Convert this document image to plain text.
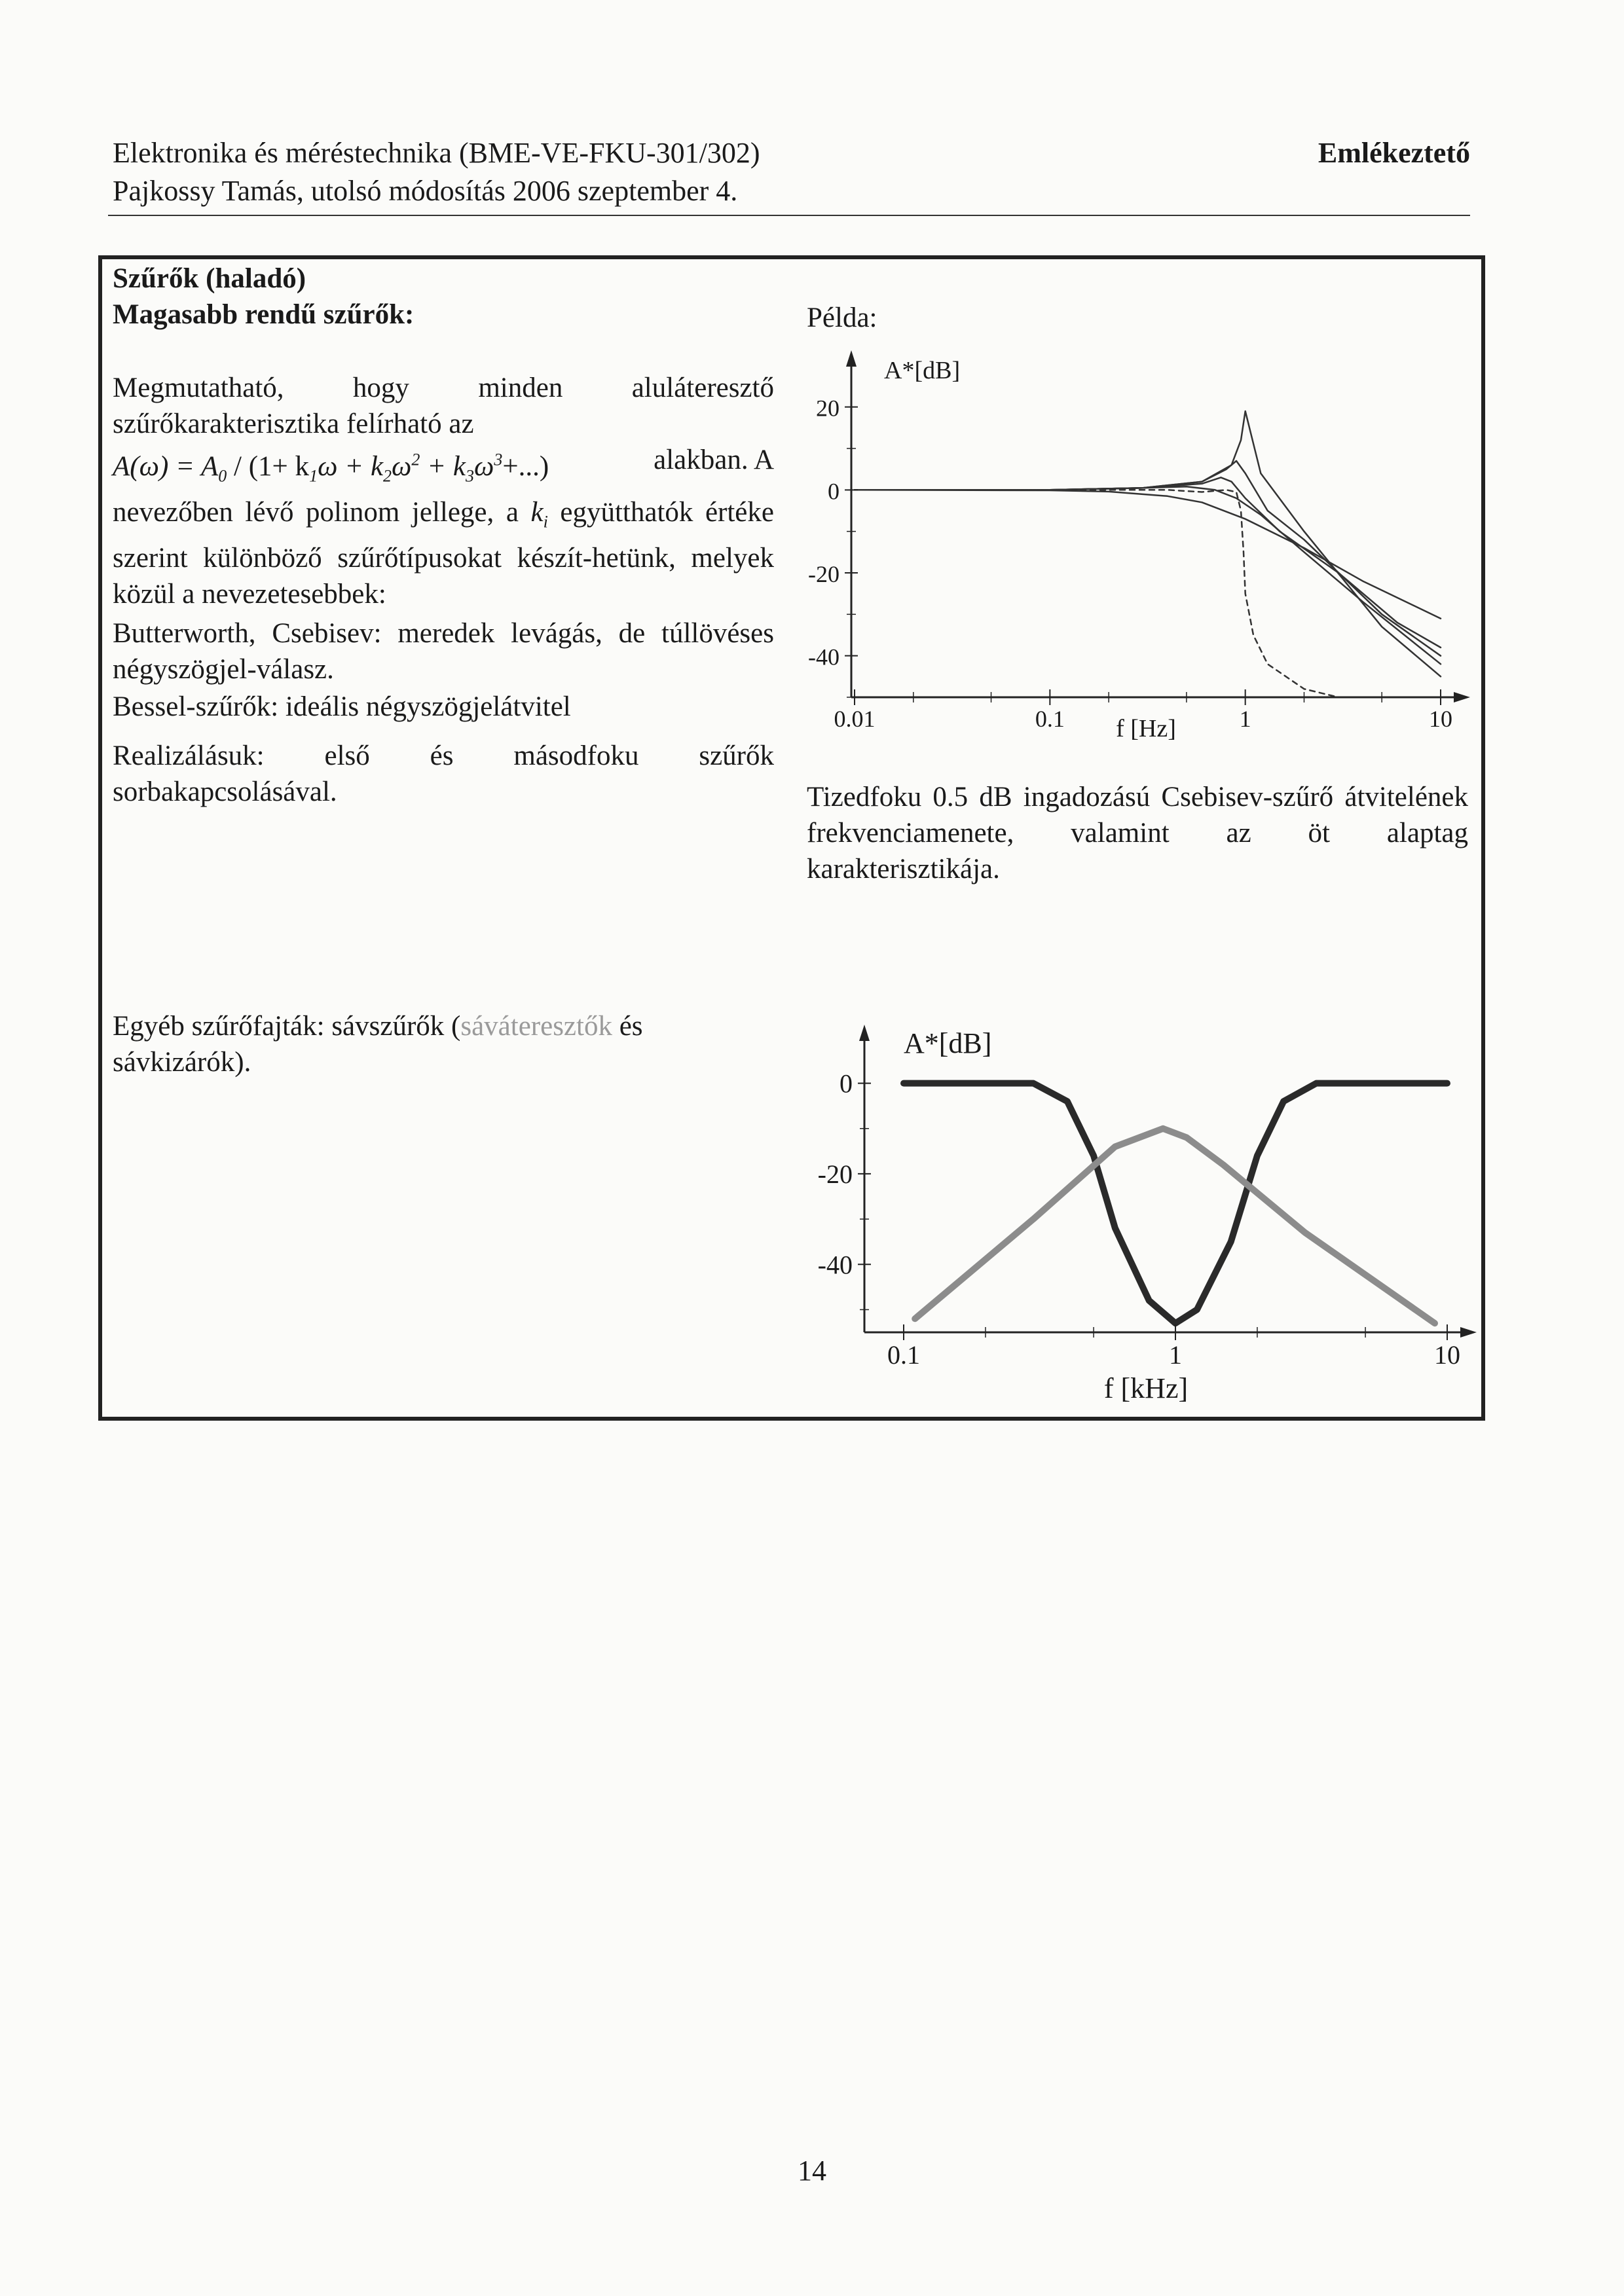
Elektronika és méréstechnika (BME-VE-FKU-301/302)
Pajkossy Tamás, utolsó módosítás 2006 szeptember 4.
Emlékeztető
Szűrők (haladó)
Magasabb rendű szűrők:	Példa:
Megmutatható, hogy minden aluláteresztő szűrőkarakterisztika felírható az
$A(\omega) = A_0 / (1+ k_1\omega + k_2\omega^2 + k_3\omega^3+...)$	alakban. A

nevezőben lévő polinom jellege, a $k_i$ együtthatók értéke szerint különböző szűrőtípusokat készít-hetünk, melyek közül a nevezetesebbek:
Butterworth, Csebisev: meredek levágás, de túllövéses négyszögjel-válasz.
Bessel-szűrők: ideális négyszögjelátvitel
Realizálásuk: első és másodfoku szűrők sorbakapcsolásával.	Tizedfoku 0.5 dB ingadozású Csebisev-szűrő átvitelének frekvenciamenete, valamint az öt alaptag karakterisztikája.
Egyéb szűrőfajták: sávszűrők (sáváteresztők és sávkizárók).
0.01	0.1	1	10
20
0
-20
-40
A*[dB]
f [Hz]
0.1	1	10
0
-20
-40
A*[dB]
f [kHz]
14
